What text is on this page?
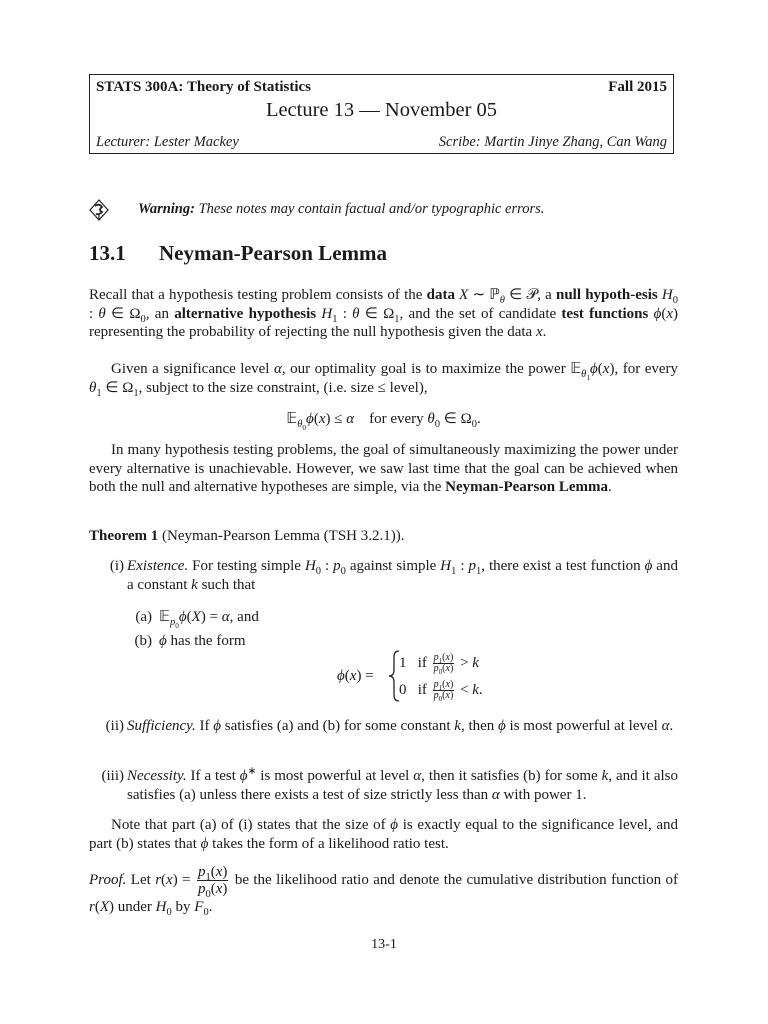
STATS 300A: Theory of Statistics	Fall 2015
Lecture 13 — November 05
Lecturer: Lester Mackey	Scribe: Martin Jinye Zhang, Can Wang
Warning: These notes may contain factual and/or typographic errors.
13.1 Neyman-Pearson Lemma
Recall that a hypothesis testing problem consists of the data X ∼ ℙ$_\theta$ ∈ 𝒫, a null hypoth-esis $H_0$ : θ ∈ $\Omega_0$, an alternative hypothesis $H_1$ : θ ∈ $\Omega_1$, and the set of candidate test functions ϕ(x) representing the probability of rejecting the null hypothesis given the data x.
Given a significance level α, our optimality goal is to maximize the power 𝔼$_{\theta_1}$ϕ(x), for every $\theta_1$ ∈ $\Omega_1$, subject to the size constraint, (i.e. size ≤ level),
𝔼$_{\theta_0}$ϕ(x) ≤ α    for every $\theta_0$ ∈ $\Omega_0$.
In many hypothesis testing problems, the goal of simultaneously maximizing the power under every alternative is unachievable. However, we saw last time that the goal can be achieved when both the null and alternative hypotheses are simple, via the Neyman-Pearson Lemma.
Theorem 1 (Neyman-Pearson Lemma (TSH 3.2.1)).
(i) Existence. For testing simple $H_0$ : $p_0$ against simple $H_1$ : $p_1$, there exist a test function ϕ and a constant k such that
(a) 𝔼$_{p_0}$ϕ(X) = α, and
(b) ϕ has the form
ϕ(x) =
1   if $\frac{p_1(x)}{p_0(x)} > k$
0   if $\frac{p_1(x)}{p_0(x)} < k$.
(ii) Sufficiency. If ϕ satisfies (a) and (b) for some constant k, then ϕ is most powerful at level α.
(iii) Necessity. If a test ϕ∗ is most powerful at level α, then it satisfies (b) for some k, and it also satisfies (a) unless there exists a test of size strictly less than α with power 1.
Note that part (a) of (i) states that the size of ϕ is exactly equal to the significance level, and part (b) states that ϕ takes the form of a likelihood ratio test.
Proof. Let $r(x) = \frac{p_1(x)}{p_0(x)}$ be the likelihood ratio and denote the cumulative distribution function of r(X) under $H_0$ by $F_0$.
13-1
